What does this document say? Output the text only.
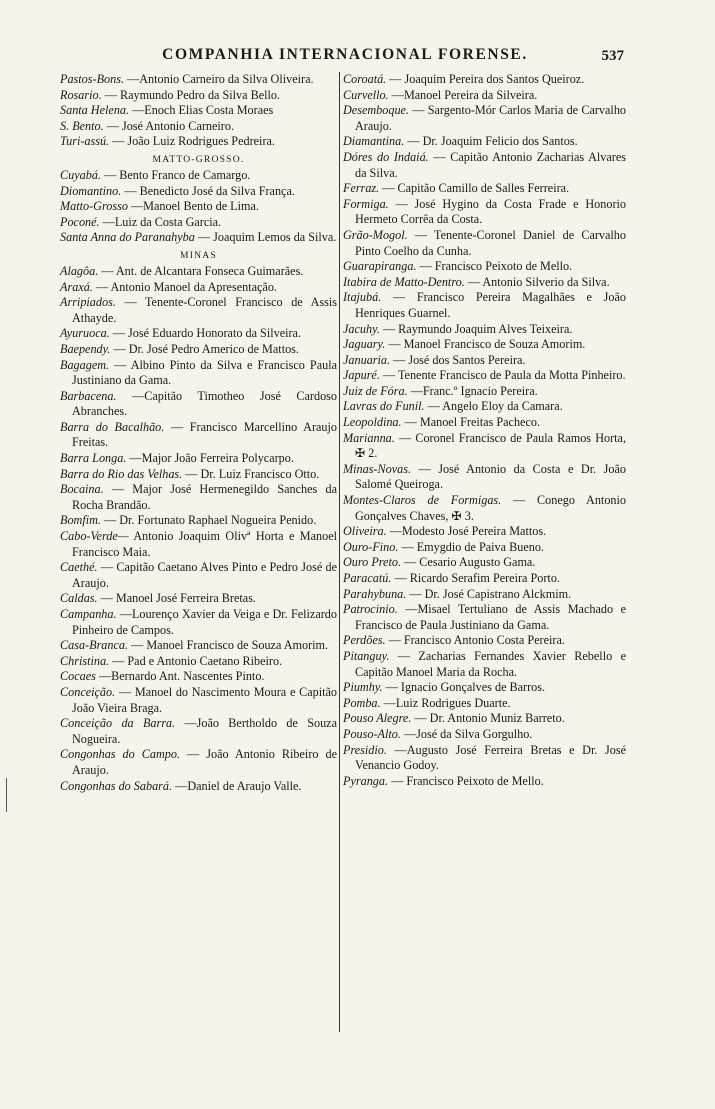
COMPANHIA INTERNACIONAL FORENSE.	537
Pastos-Bons. —Antonio Carneiro da Silva Oliveira.
Rosario. — Raymundo Pedro da Silva Bello.
Santa Helena. —Enoch Elias Costa Moraes
S. Bento. — José Antonio Carneiro.
Turi-assú. — João Luiz Rodrigues Pedreira.
MATTO-GROSSO.
Cuyabá. — Bento Franco de Camargo.
Diomantino. — Benedicto José da Silva França.
Matto-Grosso —Manoel Bento de Lima.
Poconé. —Luiz da Costa Garcia.
Santa Anna do Paranahyba — Joaquim Lemos da Silva.
MINAS
Alagôa. — Ant. de Alcantara Fonseca Guimarães.
Araxá. — Antonio Manoel da Apresentação.
Arripiados. — Tenente-Coronel Francisco de Assis Athayde.
Ayuruoca. — José Eduardo Honorato da Silveira.
Baependy. — Dr. José Pedro Americo de Mattos.
Bagagem. — Albino Pinto da Silva e Francisco Paula Justiniano da Gama.
Barbacena. —Capitão Timotheo José Cardoso Abranches.
Barra do Bacalhão. — Francisco Marcellino Araujo Freitas.
Barra Longa. —Major João Ferreira Polycarpo.
Barra do Rio das Velhas. — Dr. Luiz Francisco Otto.
Bocaina. — Major José Hermenegildo Sanches da Rocha Brandão.
Bomfim. — Dr. Fortunato Raphael Nogueira Penido.
Cabo-Verde— Antonio Joaquim Olivª Horta e Manoel Francisco Maia.
Caethé. — Capitão Caetano Alves Pinto e Pedro José de Araujo.
Caldas. — Manoel José Ferreira Bretas.
Campanha. —Lourenço Xavier da Veiga e Dr. Felizardo Pinheiro de Campos.
Casa-Branca. — Manoel Francisco de Souza Amorim.
Christina. — Pad e Antonio Caetano Ribeiro.
Cocaes —Bernardo Ant. Nascentes Pinto.
Conceição. — Manoel do Nascimento Moura e Capitão João Vieira Braga.
Conceição da Barra. —João Bertholdo de Souza Nogueira.
Congonhas do Campo. — João Antonio Ribeiro de Araujo.
Congonhas do Sabará. —Daniel de Araujo Valle.
Coroatá. — Joaquim Pereira dos Santos Queiroz.
Curvello. —Manoel Pereira da Silveira.
Desemboque. — Sargento-Mór Carlos Maria de Carvalho Araujo.
Diamantina. — Dr. Joaquim Felicio dos Santos.
Dóres do Indaiá. — Capitão Antonio Zacharias Alvares da Silva.
Ferraz. — Capitão Camillo de Salles Ferreira.
Formiga. — José Hygino da Costa Frade e Honorio Hermeto Corrêa da Costa.
Grão-Mogol. — Tenente-Coronel Daniel de Carvalho Pinto Coelho da Cunha.
Guarapiranga. — Francisco Peixoto de Mello.
Itabira de Matto-Dentro. — Antonio Silverio da Silva.
Itajubá. — Francisco Pereira Magalhães e João Henriques Guarnel.
Jacuhy. — Raymundo Joaquim Alves Teixeira.
Jaguary. — Manoel Francisco de Souza Amorim.
Januaria. — José dos Santos Pereira.
Japuré. — Tenente Francisco de Paula da Motta Pinheiro.
Juiz de Fóra. —Franc.º Ignacio Pereira.
Lavras do Funil. — Angelo Eloy da Camara.
Leopoldina. — Manoel Freitas Pacheco.
Marianna. — Coronel Francisco de Paula Ramos Horta, ✠ 2.
Minas-Novas. — José Antonio da Costa e Dr. João Salomé Queiroga.
Montes-Claros de Formigas. — Conego Antonio Gonçalves Chaves, ✠ 3.
Oliveira. —Modesto José Pereira Mattos.
Ouro-Fino. — Emygdio de Paiva Bueno.
Ouro Preto. — Cesario Augusto Gama.
Paracatú. — Ricardo Serafim Pereira Porto.
Parahybuna. — Dr. José Capistrano Alckmim.
Patrocinio. —Misael Tertuliano de Assis Machado e Francisco de Paula Justiniano da Gama.
Perdões. — Francisco Antonio Costa Pereira.
Pitanguy. — Zacharias Fernandes Xavier Rebello e Capitão Manoel Maria da Rocha.
Piumhy. — Ignacio Gonçalves de Barros.
Pomba. —Luiz Rodrigues Duarte.
Pouso Alegre. — Dr. Antonio Muniz Barreto.
Pouso-Alto. —José da Silva Gorgulho.
Presidio. —Augusto José Ferreira Bretas e Dr. José Venancio Godoy.
Pyranga. — Francisco Peixoto de Mello.
